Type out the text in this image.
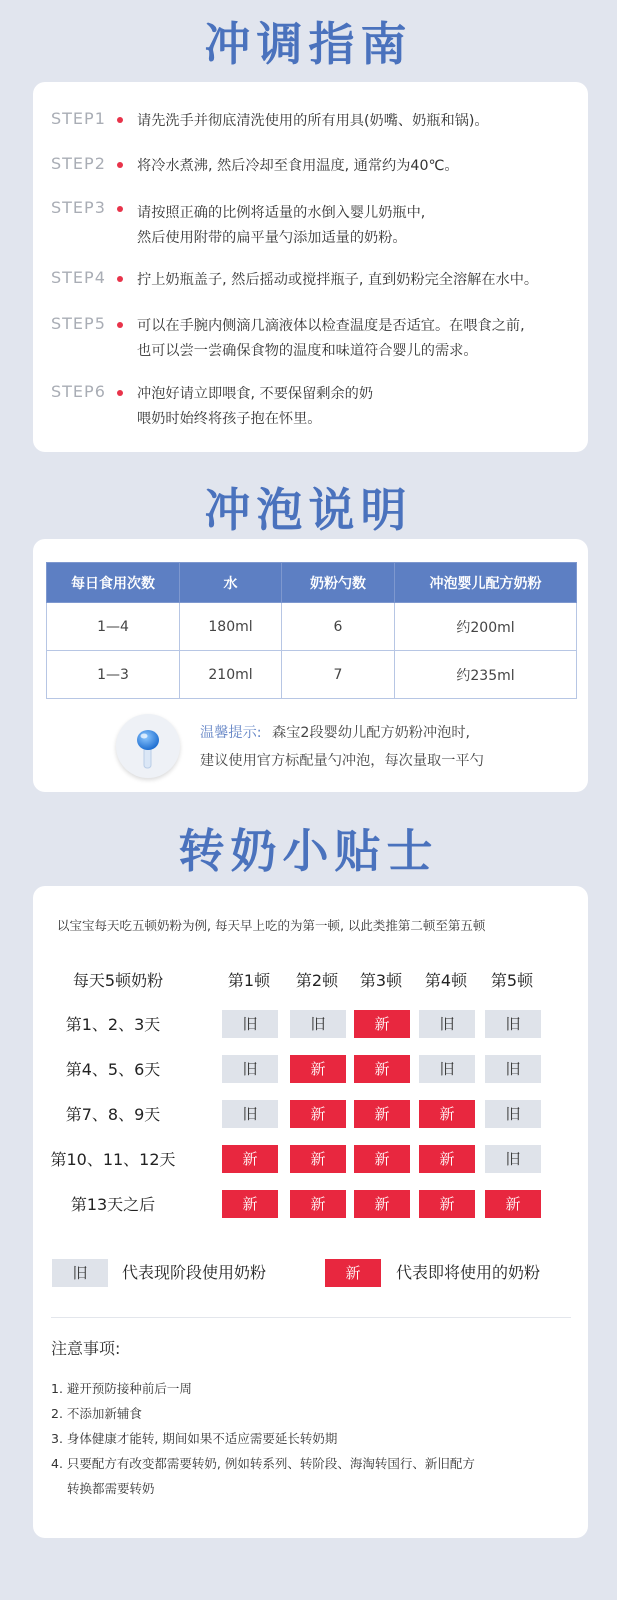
冲调指南
STEP1	请先洗手并彻底清洗使用的所有用具(奶嘴、奶瓶和锅)。
STEP2	将冷水煮沸, 然后冷却至食用温度, 通常约为40℃。
STEP3	请按照正确的比例将适量的水倒入婴儿奶瓶中,
然后使用附带的扁平量勺添加适量的奶粉。
STEP4	拧上奶瓶盖子, 然后摇动或搅拌瓶子, 直到奶粉完全溶解在水中。
STEP5	可以在手腕内侧滴几滴液体以检查温度是否适宜。在喂食之前,
也可以尝一尝确保食物的温度和味道符合婴儿的需求。
STEP6	冲泡好请立即喂食, 不要保留剩余的奶
喂奶时始终将孩子抱在怀里。
冲泡说明
每日食用次数	水	奶粉勺数	冲泡婴儿配方奶粉
1—4	180ml	6	约200ml
1—3	210ml	7	约235ml
温馨提示: 森宝2段婴幼儿配方奶粉冲泡时,
建议使用官方标配量勺冲泡，每次量取一平勺
转奶小贴士
以宝宝每天吃五顿奶粉为例, 每天早上吃的为第一顿, 以此类推第二顿至第五顿
每天5顿奶粉	第1顿	第2顿	第3顿	第4顿	第5顿
第1、2、3天	旧	旧	新	旧	旧
第4、5、6天	旧	新	新	旧	旧
第7、8、9天	旧	新	新	新	旧
第10、11、12天	新	新	新	新	旧
第13天之后	新	新	新	新	新
旧	代表现阶段使用奶粉	新	代表即将使用的奶粉
注意事项:
1. 避开预防接种前后一周
2. 不添加新辅食
3. 身体健康才能转, 期间如果不适应需要延长转奶期
4. 只要配方有改变都需要转奶, 例如转系列、转阶段、海淘转国行、新旧配方
转换都需要转奶
